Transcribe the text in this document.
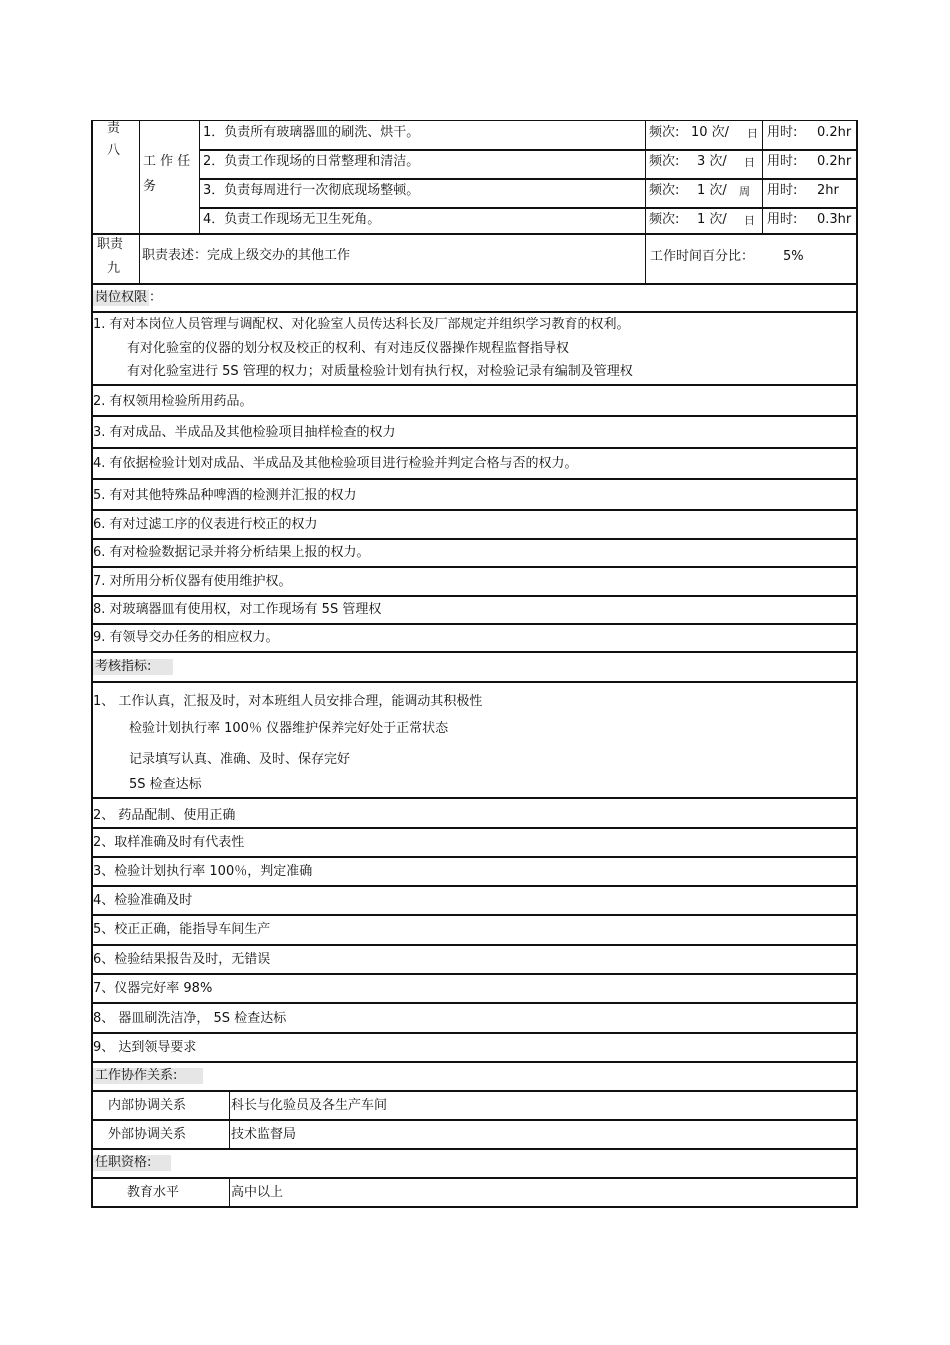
责
八
工 作 任
务
1．负责所有玻璃器皿的刷洗、烘干。	频次: 10 次/ 日 用时: 0.2hr
2．负责工作现场的日常整理和清洁。	频次: 3 次/ 日 用时: 0.2hr
3．负责每周进行一次彻底现场整顿。	频次: 1 次/ 周 用时: 2hr
4．负责工作现场无卫生死角。	频次: 1 次/ 日 用时: 0.3hr
职责
九
职责表述：完成上级交办的其他工作	工作时间百分比： 5%
岗位权限 ：
1. 有对本岗位人员管理与调配权、对化验室人员传达科长及厂部规定并组织学习教育的权利。
有对化验室的仪器的划分权及校正的权利、有对违反仪器操作规程监督指导权
有对化验室进行 5S 管理的权力；对质量检验计划有执行权，对检验记录有编制及管理权
2. 有权领用检验所用药品。
3. 有对成品、半成品及其他检验项目抽样检查的权力
4. 有依据检验计划对成品、半成品及其他检验项目进行检验并判定合格与否的权力。
5. 有对其他特殊品种啤酒的检测并汇报的权力
6. 有对过滤工序的仪表进行校正的权力
6. 有对检验数据记录并将分析结果上报的权力。
7. 对所用分析仪器有使用维护权。
8. 对玻璃器皿有使用权，对工作现场有 5S 管理权
9. 有领导交办任务的相应权力。
考核指标:
1、 工作认真，汇报及时，对本班组人员安排合理，能调动其积极性
检验计划执行率 100％ 仪器维护保养完好处于正常状态
记录填写认真、准确、及时、保存完好
5S 检查达标
2、 药品配制、使用正确
2、取样准确及时有代表性
3、检验计划执行率 100％，判定准确
4、检验准确及时
5、校正正确，能指导车间生产
6、检验结果报告及时，无错误
7、仪器完好率 98%
8、 器皿刷洗洁净， 5S 检查达标
9、 达到领导要求
工作协作关系:
内部协调关系	科长与化验员及各生产车间
外部协调关系	技术监督局
任职资格:
教育水平	高中以上
